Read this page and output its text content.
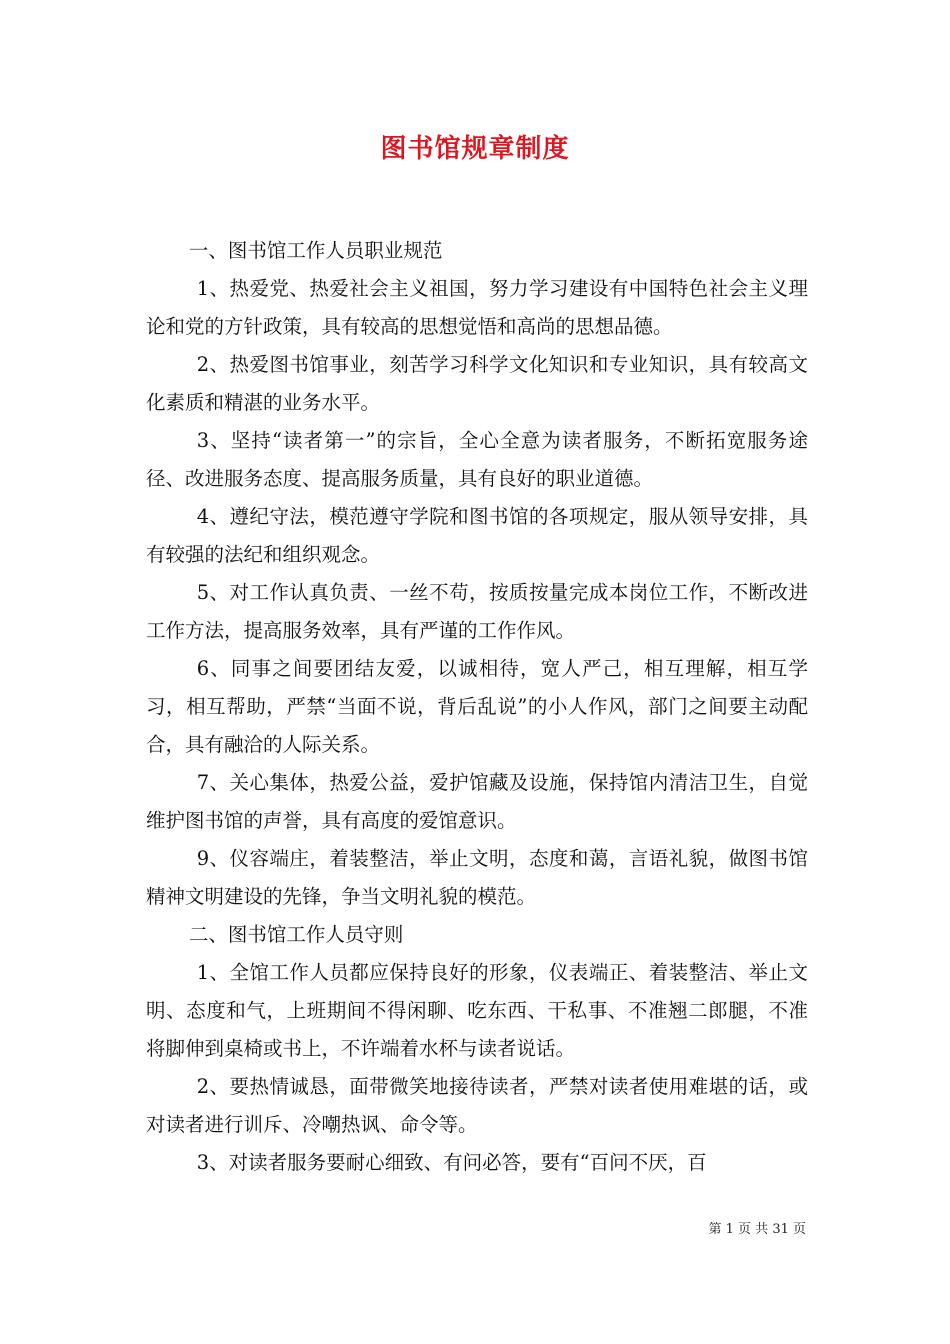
图书馆规章制度

一、图书馆工作人员职业规范

1、热爱党、热爱社会主义祖国，努力学习建设有中国特色社会主义理论和党的方针政策，具有较高的思想觉悟和高尚的思想品德。

2、热爱图书馆事业，刻苦学习科学文化知识和专业知识，具有较高文化素质和精湛的业务水平。

3、坚持“读者第一”的宗旨，全心全意为读者服务，不断拓宽服务途径、改进服务态度、提高服务质量，具有良好的职业道德。

4、遵纪守法，模范遵守学院和图书馆的各项规定，服从领导安排，具有较强的法纪和组织观念。

5、对工作认真负责、一丝不苟，按质按量完成本岗位工作，不断改进工作方法，提高服务效率，具有严谨的工作作风。

6、同事之间要团结友爱，以诚相待，宽人严己，相互理解，相互学习，相互帮助，严禁“当面不说，背后乱说”的小人作风，部门之间要主动配合，具有融洽的人际关系。

7、关心集体，热爱公益，爱护馆藏及设施，保持馆内清洁卫生，自觉维护图书馆的声誉，具有高度的爱馆意识。

9、仪容端庄，着装整洁，举止文明，态度和蔼，言语礼貌，做图书馆精神文明建设的先锋，争当文明礼貌的模范。

二、图书馆工作人员守则

1、全馆工作人员都应保持良好的形象，仪表端正、着装整洁、举止文明、态度和气，上班期间不得闲聊、吃东西、干私事、不准翘二郎腿，不准将脚伸到桌椅或书上，不许端着水杯与读者说话。

2、要热情诚恳，面带微笑地接待读者，严禁对读者使用难堪的话，或对读者进行训斥、冷嘲热讽、命令等。

3、对读者服务要耐心细致、有问必答，要有“百问不厌，百

第 1 页 共 31 页
